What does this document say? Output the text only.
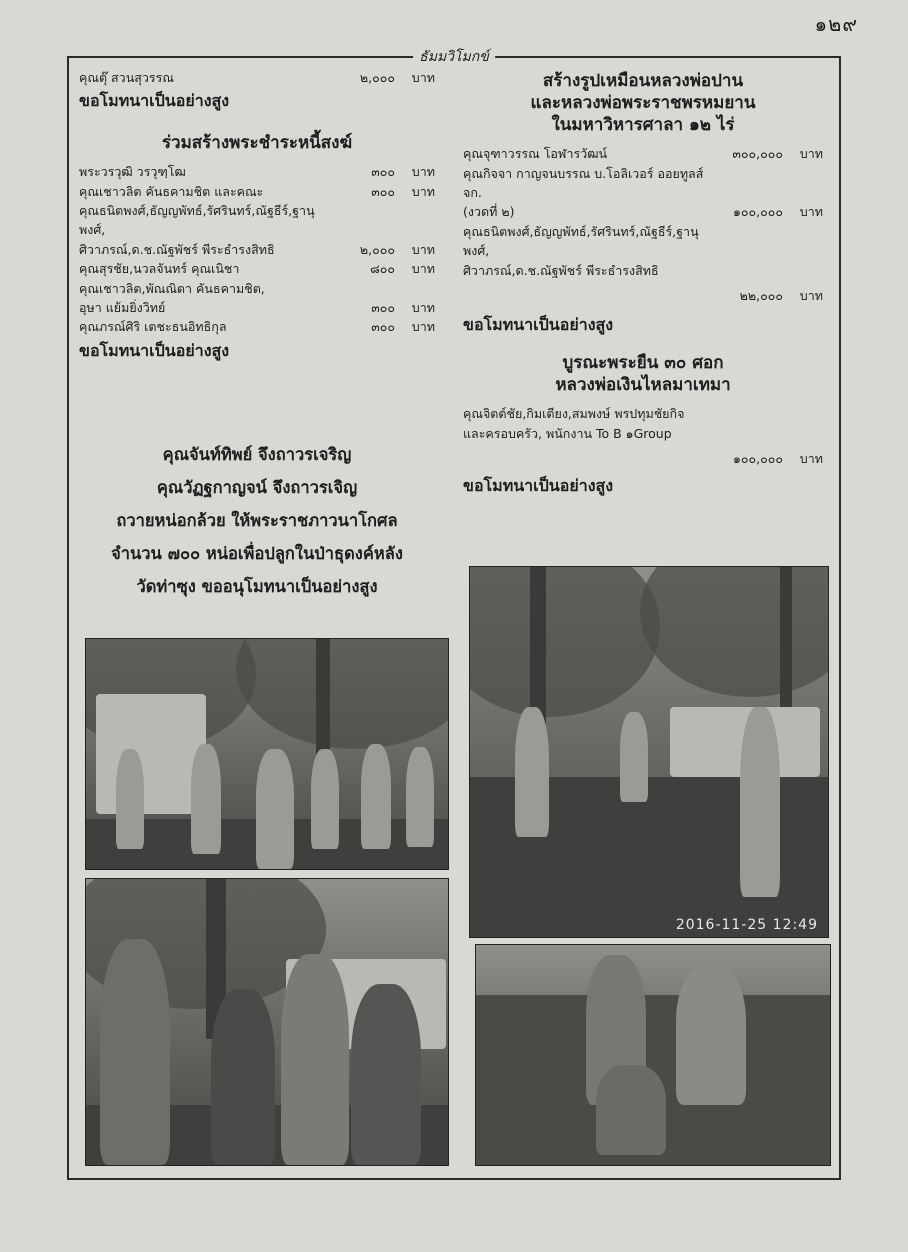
๑๒๙
ธัมมวิโมกข์
คุณตุ๊ สวนสุวรรณ	๒,๐๐๐	บาท
ขอโมทนาเป็นอย่างสูง
ร่วมสร้างพระชำระหนี้สงฆ์
พระวรวุฒิ วรวุฑฺโฒ	๓๐๐	บาท
คุณเชาวลิต คันธคามชิต และคณะ	๓๐๐	บาท
คุณธนิตพงศ์,ธัญญพัทธ์,รัศรินทร์,ณัฐธีร์,ฐานุพงศ์,
ศิวาภรณ์,ด.ช.ณัฐพัชร์ พีระธำรงสิทธิ	๒,๐๐๐	บาท
คุณสุรชัย,นวลจันทร์ คุณเนิชา	๘๐๐	บาท
คุณเชาวลิต,พัณณิตา คันธคามชิต,
อุษา แย้มยิ่งวิทย์	๓๐๐	บาท
คุณภรณ์ศิริ เตชะธนอิทธิกุล	๓๐๐	บาท
ขอโมทนาเป็นอย่างสูง
คุณจันท์ทิพย์ จึงถาวรเจริญ
คุณวัฏฐกาญจน์ จึงถาวรเจิญ
ถวายหน่อกล้วย ให้พระราชภาวนาโกศล
จำนวน ๗๐๐ หน่อเพื่อปลูกในป่าธุดงค์หลัง
วัดท่าซุง ขออนุโมทนาเป็นอย่างสูง
สร้างรูปเหมือนหลวงพ่อปาน
และหลวงพ่อพระราชพรหมยาน
ในมหาวิหารศาลา ๑๒ ไร่
คุณจุฑาวรรณ โอฬารวัฒน์	๓๐๐,๐๐๐	บาท
คุณกิจจา กาญจนบรรณ บ.โอลิเวอร์ ออยทูลส์ จก.
(งวดที่ ๒)	๑๐๐,๐๐๐	บาท
คุณธนิตพงศ์,ธัญญพัทธ์,รัศรินทร์,ณัฐธีร์,ฐานุพงศ์,
ศิวาภรณ์,ด.ช.ณัฐพัชร์ พีระธำรงสิทธิ
๒๒,๐๐๐	บาท
ขอโมทนาเป็นอย่างสูง
บูรณะพระยืน ๓๐ ศอก
หลวงพ่อเงินไหลมาเทมา
คุณจิตต์ชัย,กิมเตียง,สมพงษ์ พรปทุมชัยกิจ
และครอบครัว, พนักงาน To B ๑Group
๑๐๐,๐๐๐	บาท
ขอโมทนาเป็นอย่างสูง
2016-11-25 12:49
